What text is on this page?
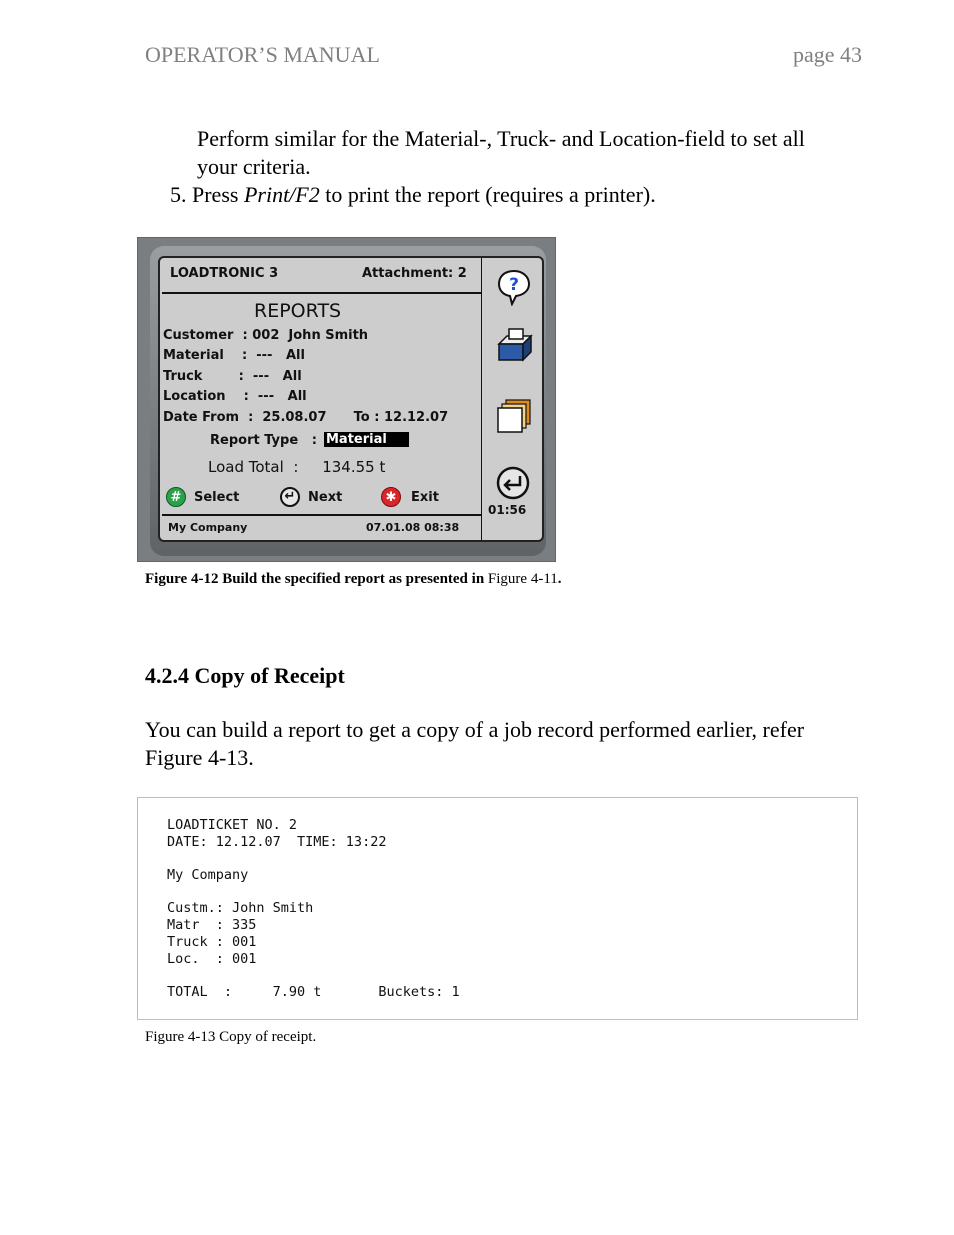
OPERATOR’S MANUAL	page 43
Perform similar for the Material-, Truck- and Location-field to set all
your criteria.
5. Press Print/F2 to print the report (requires a printer).
LOADTRONIC 3	Attachment: 2
REPORTS
Customer  : 002  John Smith
Material    :  ---   All
Truck        :  ---   All
Location    :  ---   All
Date From  :  25.08.07      To : 12.12.07
Report Type   : Material
Load Total  :     134.55 t
# Select	↵ Next	✱	Exit
My Company	07.01.08 08:38
?
01:56
Figure 4-12 Build the specified report as presented in Figure 4-11.
4.2.4 Copy of Receipt
You can build a report to get a copy of a job record performed earlier, refer
Figure 4-13.
LOADTICKET NO. 2
DATE: 12.12.07  TIME: 13:22
My Company
Custm.: John Smith
Matr  : 335
Truck : 001
Loc.  : 001
TOTAL  :     7.90 t       Buckets: 1
Figure 4-13 Copy of receipt.
